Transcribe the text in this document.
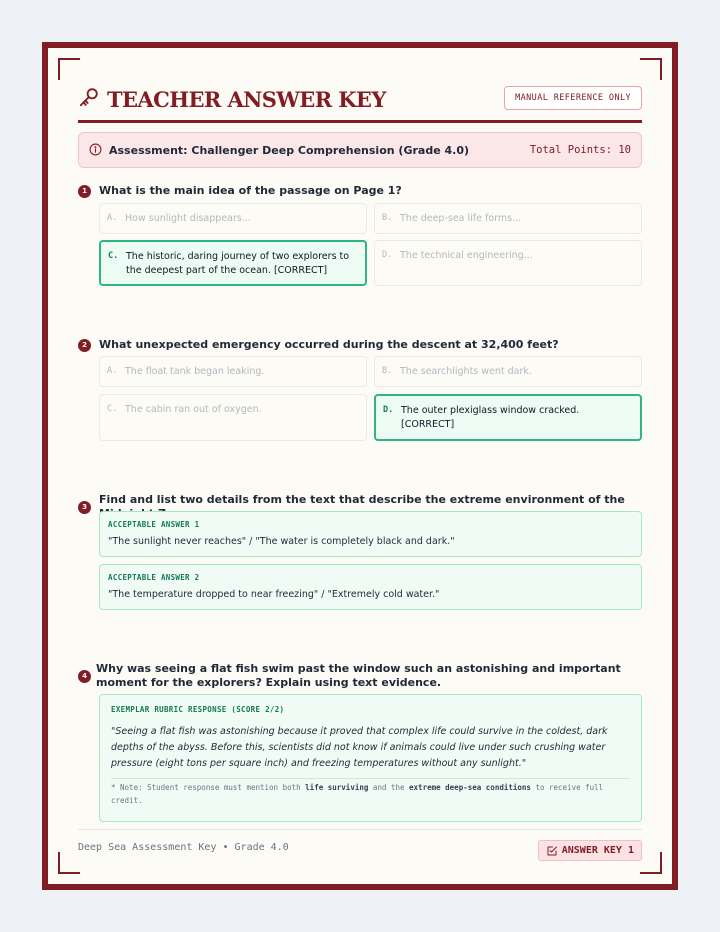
TEACHER ANSWER KEY	MANUAL REFERENCE ONLY
Assessment: Challenger Deep Comprehension (Grade 4.0)	Total Points: 10
1	What is the main idea of the passage on Page 1?
A. How sunlight disappears...	B. The deep-sea life forms...
C. The historic, daring journey of two explorers to the deepest part of the ocean. [CORRECT]
D. The technical engineering...
2	What unexpected emergency occurred during the descent at 32,400 feet?
A. The float tank began leaking.	B. The searchlights went dark.
C. The cabin ran out of oxygen.	D. The outer plexiglass window cracked. [CORRECT]
3
Find and list two details from the text that describe the extreme environment of the
ACCEPTABLE ANSWER 1
"The sunlight never reaches" / "The water is completely black and dark."
ACCEPTABLE ANSWER 2
"The temperature dropped to near freezing" / "Extremely cold water."
4
Why was seeing a flat fish swim past the window such an astonishing and important moment for the explorers? Explain using text evidence.
EXEMPLAR RUBRIC RESPONSE (SCORE 2/2)
"Seeing a flat fish was astonishing because it proved that complex life could survive in the coldest, dark depths of the abyss. Before this, scientists did not know if animals could live under such crushing water pressure (eight tons per square inch) and freezing temperatures without any sunlight."
* Note: Student response must mention both life surviving and the extreme deep-sea conditions to receive full credit.
Deep Sea Assessment Key • Grade 4.0	ANSWER KEY 1
